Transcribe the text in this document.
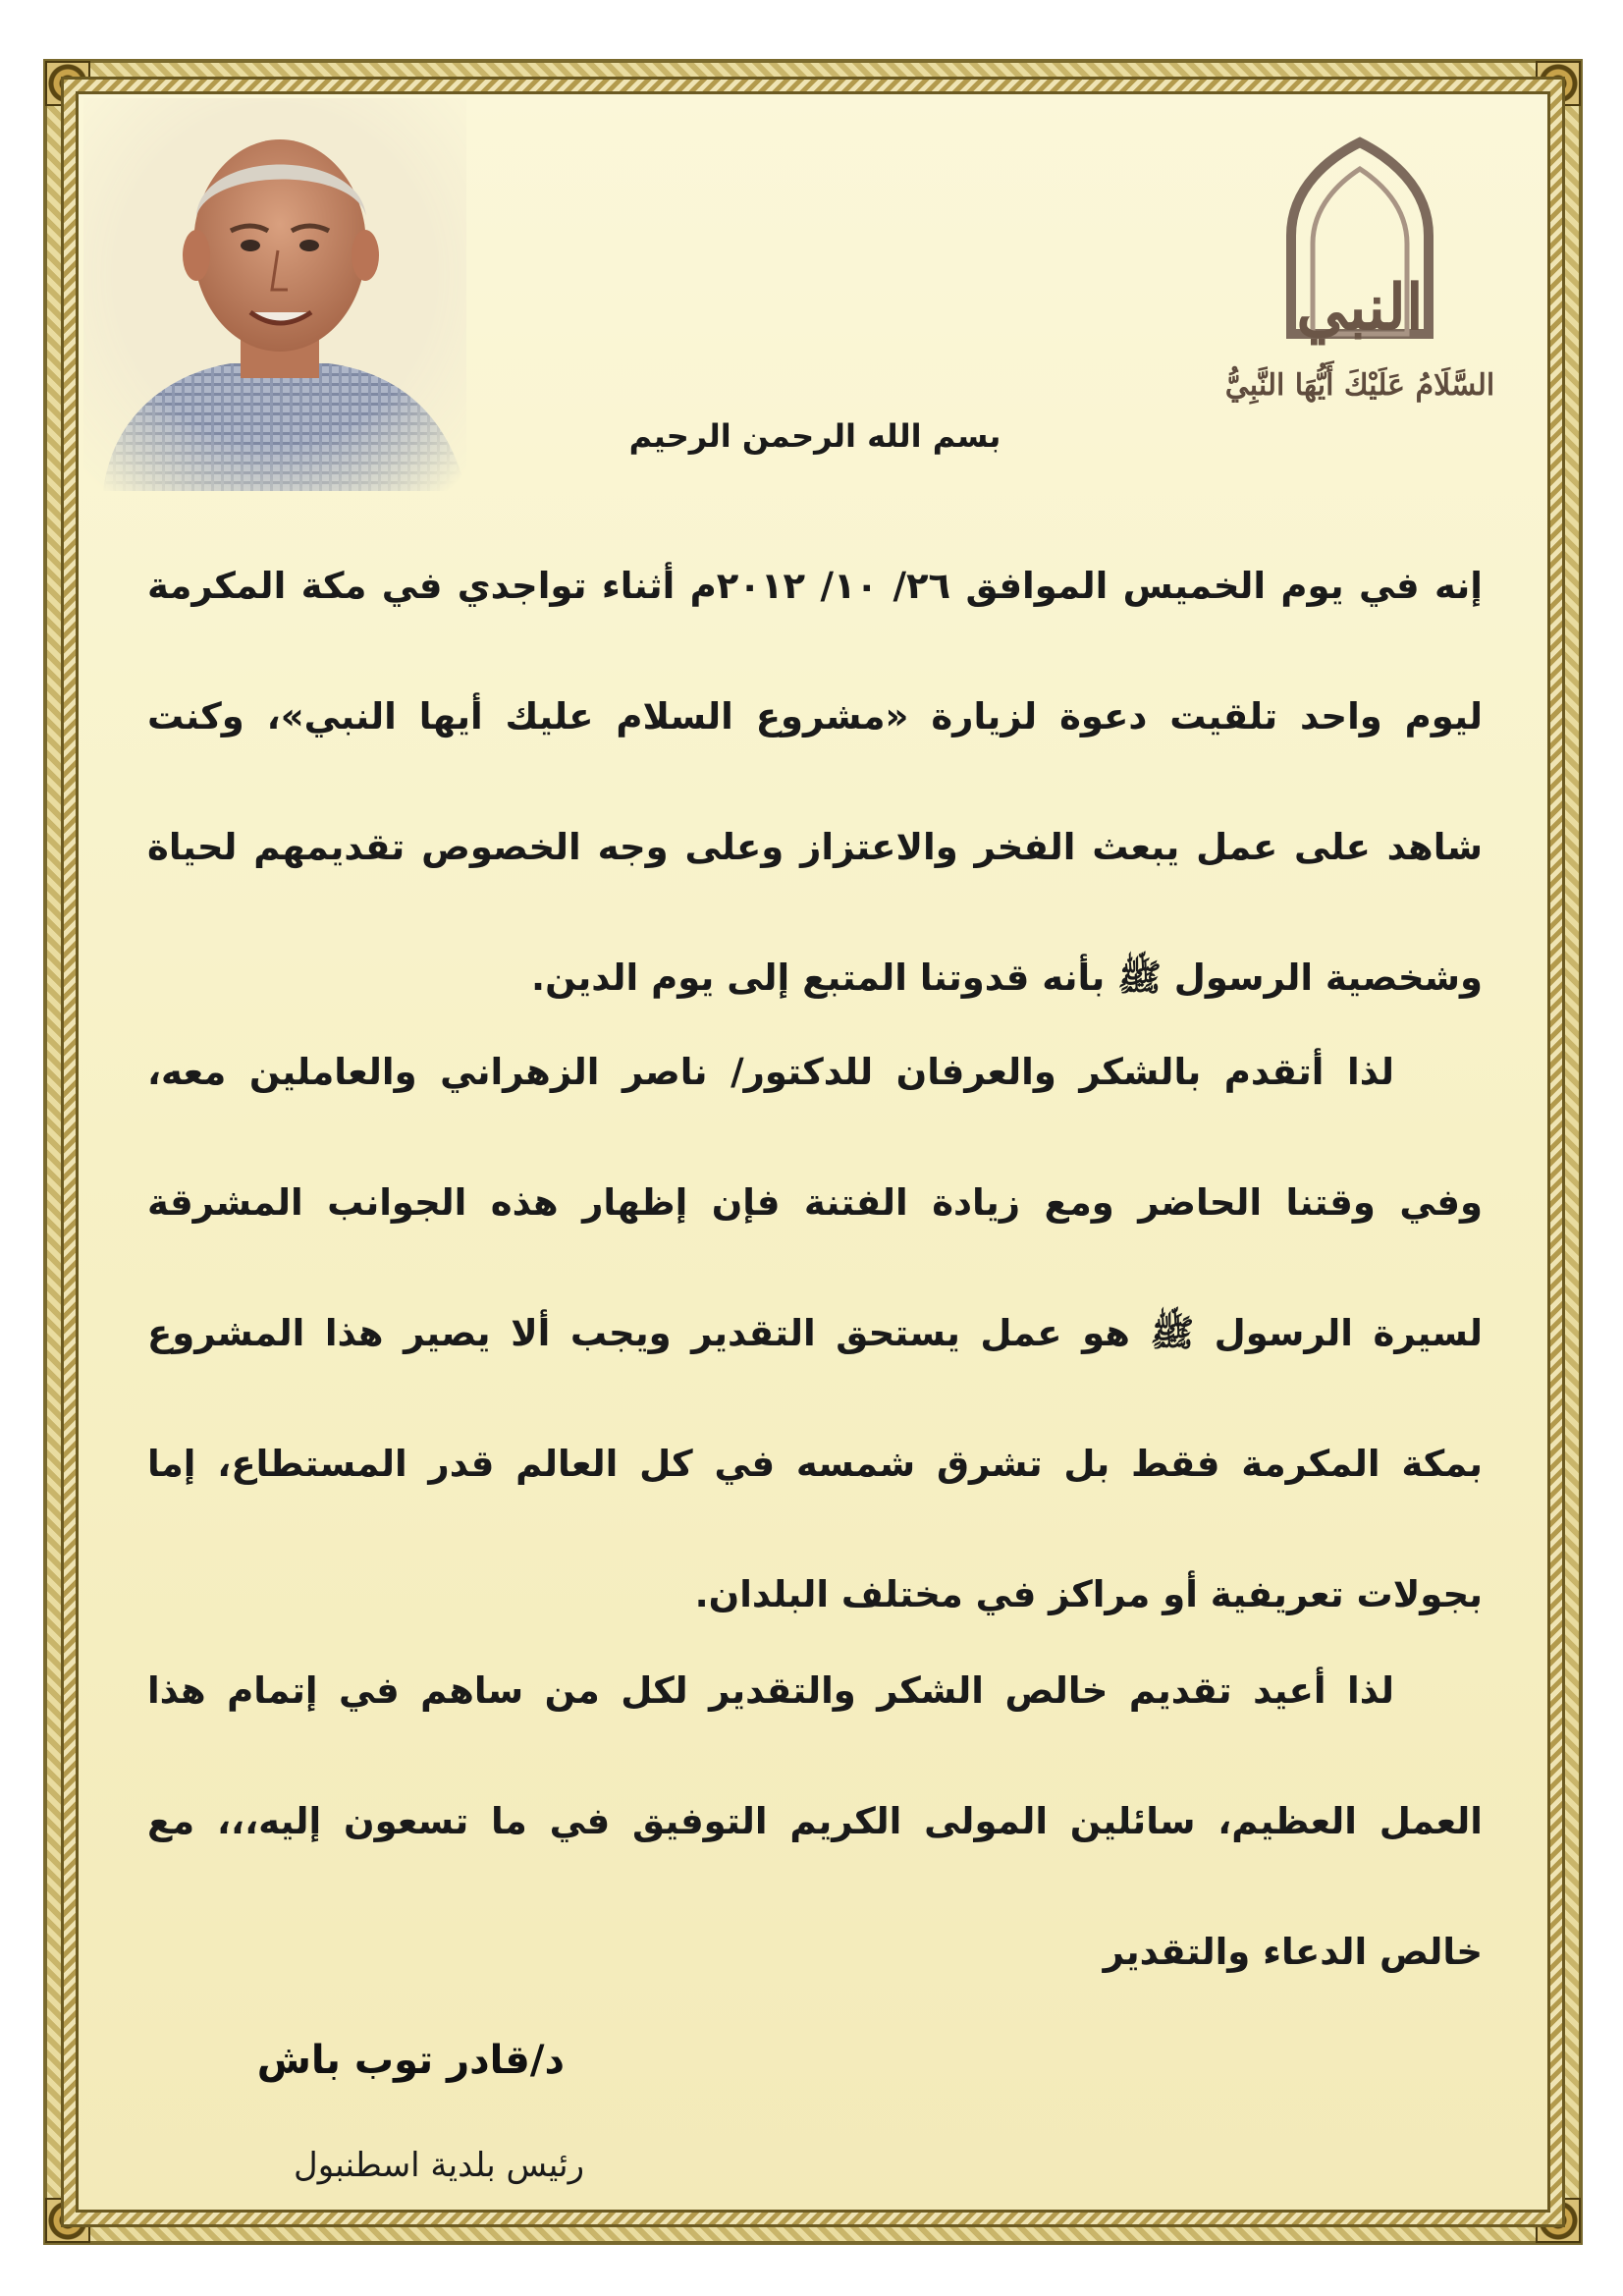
النبي
السَّلَامُ عَلَيْكَ أَيُّهَا النَّبِيُّ
بسم الله الرحمن الرحيم
إنه في يوم الخميس الموافق ٢٦/ ١٠/ ٢٠١٢م أثناء تواجدي في مكة المكرمة ليوم واحد تلقيت دعوة لزيارة «مشروع السلام عليك أيها النبي»، وكنت شاهد على عمل يبعث الفخر والاعتزاز وعلى وجه الخصوص تقديمهم لحياة وشخصية الرسول ﷺ بأنه قدوتنا المتبع إلى يوم الدين.
لذا أتقدم بالشكر والعرفان للدكتور/ ناصر الزهراني والعاملين معه، وفي وقتنا الحاضر ومع زيادة الفتنة فإن إظهار هذه الجوانب المشرقة لسيرة الرسول ﷺ هو عمل يستحق التقدير ويجب ألا يصير هذا المشروع بمكة المكرمة فقط بل تشرق شمسه في كل العالم قدر المستطاع، إما بجولات تعريفية أو مراكز في مختلف البلدان.
لذا أعيد تقديم خالص الشكر والتقدير لكل من ساهم في إتمام هذا العمل العظيم، سائلين المولى الكريم التوفيق في ما تسعون إليه،،، مع خالص الدعاء والتقدير
د/قادر توب باش
رئيس بلدية اسطنبول
